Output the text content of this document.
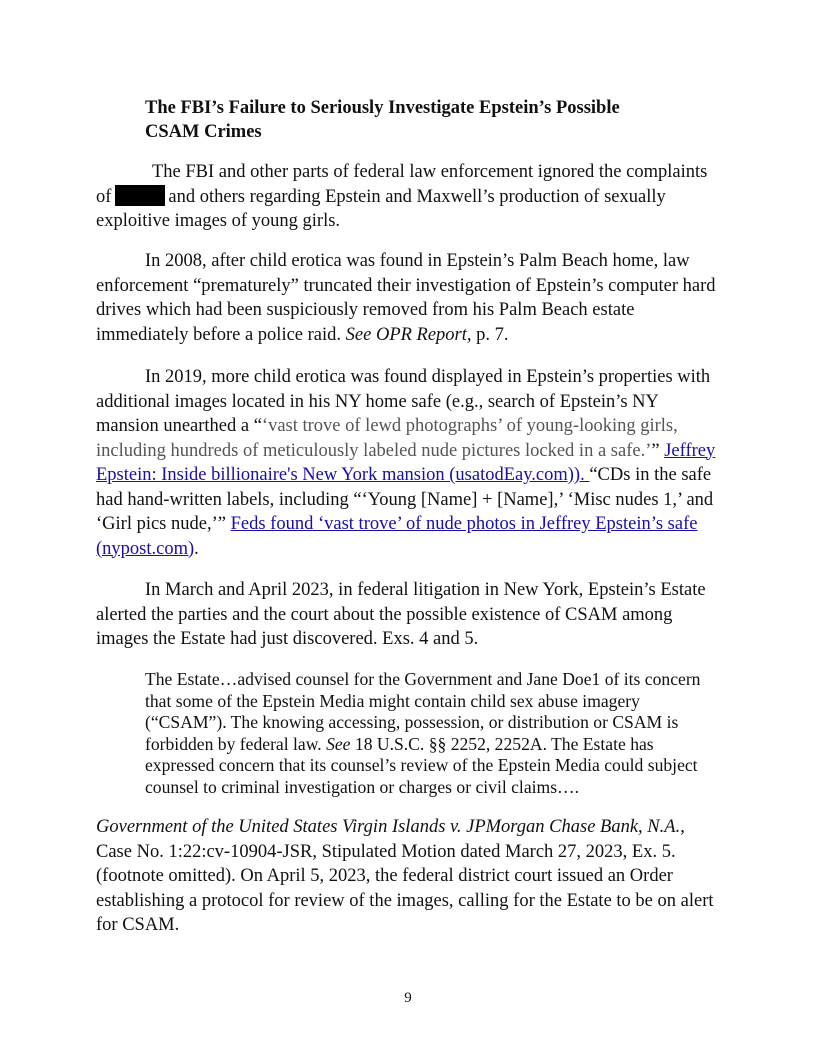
The FBI’s Failure to Seriously Investigate Epstein’s Possible
CSAM Crimes

The FBI and other parts of federal law enforcement ignored the complaints of	and others regarding Epstein and Maxwell’s production of sexually exploitive images of young girls.

In 2008, after child erotica was found in Epstein’s Palm Beach home, law enforcement “prematurely” truncated their investigation of Epstein’s computer hard drives which had been suspiciously removed from his Palm Beach estate immediately before a police raid. See OPR Report, p. 7.

In 2019, more child erotica was found displayed in Epstein’s properties with additional images located in his NY home safe (e.g., search of Epstein’s NY mansion unearthed a “‘vast trove of lewd photographs’ of young-looking girls, including hundreds of meticulously labeled nude pictures locked in a safe.’” Jeffrey Epstein: Inside billionaire's New York mansion (usatodEay.com)). “CDs in the safe had hand-written labels, including “‘Young [Name] + [Name],’ ‘Misc nudes 1,’ and ‘Girl pics nude,’” Feds found ‘vast trove’ of nude photos in Jeffrey Epstein’s safe (nypost.com).

In March and April 2023, in federal litigation in New York, Epstein’s Estate alerted the parties and the court about the possible existence of CSAM among images the Estate had just discovered. Exs. 4 and 5.

The Estate…advised counsel for the Government and Jane Doe1 of its concern that some of the Epstein Media might contain child sex abuse imagery (“CSAM”). The knowing accessing, possession, or distribution or CSAM is forbidden by federal law. See 18 U.S.C. §§ 2252, 2252A. The Estate has expressed concern that its counsel’s review of the Epstein Media could subject counsel to criminal investigation or charges or civil claims….

Government of the United States Virgin Islands v. JPMorgan Chase Bank, N.A., Case No. 1:22:cv-10904-JSR, Stipulated Motion dated March 27, 2023, Ex. 5. (footnote omitted). On April 5, 2023, the federal district court issued an Order establishing a protocol for review of the images, calling for the Estate to be on alert for CSAM.

9
